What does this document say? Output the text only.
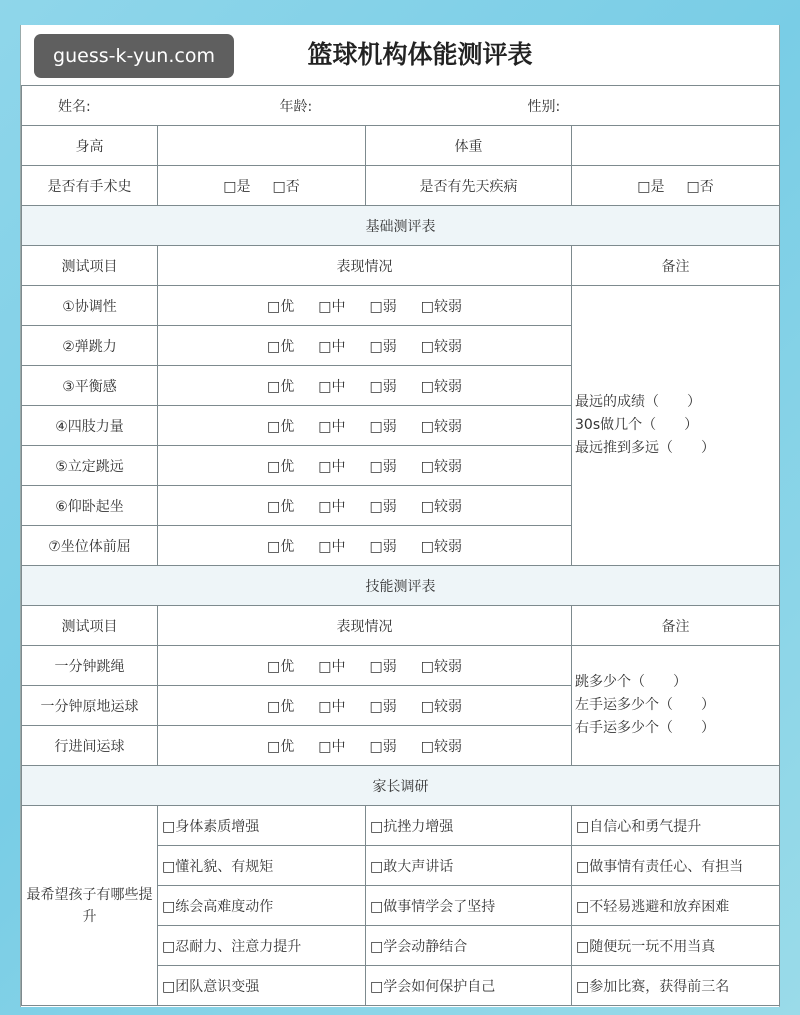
guess-k-yun.com	篮球机构体能测评表
姓名:	年龄:		性别:
身高		体重	
是否有手术史	□是 □否	是否有先天疾病	□是 □否
基础测评表			
测试项目	表现情况		备注
①协调性	□优 □中 □弱 □较弱		最远的成绩（　　）
30s做几个（　　）
最远推到多远（　　）

②弹跳力	□优 □中 □弱 □较弱		
③平衡感	□优 □中 □弱 □较弱		
④四肢力量	□优 □中 □弱 □较弱		
⑤立定跳远	□优 □中 □弱 □较弱		
⑥仰卧起坐	□优 □中 □弱 □较弱		
⑦坐位体前屈	□优 □中 □弱 □较弱		
技能测评表			
测试项目	表现情况		备注
一分钟跳绳	□优 □中 □弱 □较弱		跳多少个（　　）
左手运多少个（　　）
右手运多少个（　　）

一分钟原地运球	□优 □中 □弱 □较弱		
行进间运球	□优 □中 □弱 □较弱		
家长调研			
最希望孩子有哪些提升	□身体素质增强	□抗挫力增强	□自信心和勇气提升
	□懂礼貌、有规矩	□敢大声讲话	□做事情有责任心、有担当
	□练会高难度动作	□做事情学会了坚持	□不轻易逃避和放弃困难
	□忍耐力、注意力提升	□学会动静结合	□随便玩一玩不用当真
	□团队意识变强	□学会如何保护自己	□参加比赛，获得前三名
